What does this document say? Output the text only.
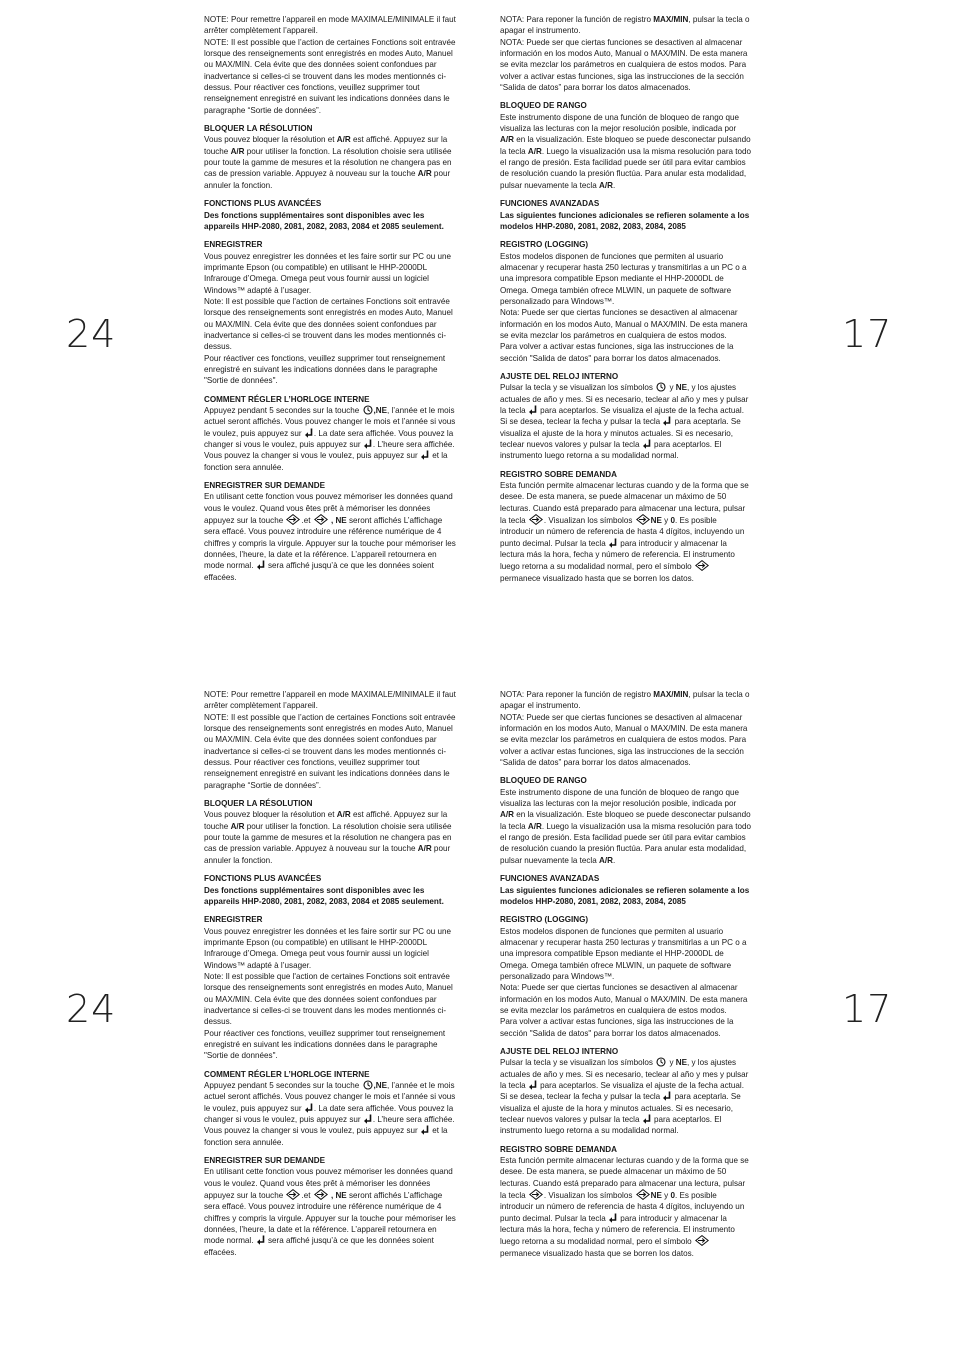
24	17

NOTE: Pour remettre l’appareil en mode MAXIMALE/MINIMALE il faut arrêter complètement l’appareil.

NOTE: Il est possible que l’action de certaines Fonctions soit entravée lorsque des renseignements sont enregistrés en modes Auto, Manuel ou MAX/MIN. Cela évite que des données soient confondues par inadvertance si celles-ci se trouvent dans les modes mentionnés ci-dessus. Pour réactiver ces fonctions, veuillez supprimer tout renseignement enregistré en suivant les indications données dans le paragraphe “Sortie de données”.

BLOQUER LA RÉSOLUTION

Vous pouvez bloquer la résolution et A/R est affiché. Appuyez sur la touche A/R pour utiliser la fonction. La résolution choisie sera utilisée pour toute la gamme de mesures et la résolution ne changera pas en cas de pression variable. Appuyez à nouveau sur la touche A/R pour annuler la fonction.

FONCTIONS PLUS AVANCÉES

Des fonctions supplémentaires sont disponibles avec les appareils HHP-2080, 2081, 2082, 2083, 2084 et 2085 seulement.

ENREGISTRER

Vous pouvez enregistrer les données et les faire sortir sur PC ou une imprimante Epson (ou compatible) en utilisant le HHP-2000DL Infrarouge d’Omega. Omega peut vous fournir aussi un logiciel Windows™ adapté à l’usager.

Note: Il est possible que l'action de certaines Fonctions soit entravée lorsque des renseignements sont enregistrés en modes Auto, Manuel ou MAX/MIN. Cela évite que des données soient confondues par inadvertance si celles-ci se trouvent dans les modes mentionnés ci-dessus.

Pour réactiver ces fonctions, veuillez supprimer tout renseignement enregistré en suivant les indications données dans le paragraphe "Sortie de données".

COMMENT RÉGLER L’HORLOGE INTERNE

Appuyez pendant 5 secondes sur la touche
,NE, l’année et le mois actuel seront affichés. Vous pouvez changer le mois et l’année si vous le voulez, puis appuyez sur
. La date sera affichée. Vous pouvez la changer si vous le voulez, puis appuyez sur
. L’heure sera affichée. Vous pouvez la changer si vous le voulez, puis appuyez sur
et la fonction sera annulée.

ENREGISTRER SUR DEMANDE

En utilisant cette fonction vous pouvez mémoriser les données quand vous le voulez. Quand vous êtes prêt à mémoriser les données appuyez sur la touche
.et
, NE seront affichés L’affichage sera effacé. Vous pouvez introduire une référence numérique de 4 chiffres y compris la virgule. Appuyer sur la touche pour mémoriser les données, l’heure, la date et la référence. L’appareil retournera en mode normal.
sera affiché jusqu’à ce que les données soient effacées.

NOTA: Para reponer la función de registro MAX/MIN, pulsar la tecla o apagar el instrumento.

NOTA: Puede ser que ciertas funciones se desactiven al almacenar información en los modos Auto, Manual o MAX/MIN. De esta manera se evita mezclar los parámetros en cualquiera de estos modos. Para volver a activar estas funciones, siga las instrucciones de la sección “Salida de datos” para borrar los datos almacenados.

BLOQUEO DE RANGO

Este instrumento dispone de una función de bloqueo de rango que visualiza las lecturas con la mejor resolución posible, indicada por A/R en la visualización. Este bloqueo se puede desconectar pulsando la tecla A/R. Luego la visualización usa la misma resolución para todo el rango de presión. Esta facilidad puede ser útil para evitar cambios de resolución cuando la presión fluctúa. Para anular esta modalidad, pulsar nuevamente la tecla A/R.

FUNCIONES AVANZADAS

Las siguientes funciones adicionales se refieren solamente a los modelos HHP-2080, 2081, 2082, 2083, 2084, 2085

REGISTRO (LOGGING)

Estos modelos disponen de funciones que permiten al usuario almacenar y recuperar hasta 250 lecturas y transmitirlas a un PC o a una impresora compatible Epson mediante el HHP-2000DL de Omega. Omega también ofrece MLWIN, un paquete de software personalizado para Windows™.

Nota: Puede ser que ciertas funciones se desactiven al almacenar información en los modos Auto, Manual o MAX/MIN. De esta manera se evita mezclar los parámetros en cualquiera de estos modos.

Para volver a activar estas funciones, siga las instrucciones de la sección "Salida de datos" para borrar los datos almacenados.

AJUSTE DEL RELOJ INTERNO

Pulsar la tecla y se visualizan los símbolos
y NE, y los ajustes actuales de año y mes. Si es necesario, teclear al año y mes y pulsar la tecla
para aceptarlos. Se visualiza el ajuste de la fecha actual. Si se desea, teclear la fecha y pulsar la tecla
para aceptarla. Se visualiza el ajuste de la hora y minutos actuales. Si es necesario, teclear nuevos valores y pulsar la tecla
para aceptarlos. El instrumento luego retorna a su modalidad normal.

REGISTRO SOBRE DEMANDA

Esta función permite almacenar lecturas cuando y de la forma que se desee. De esta manera, se puede almacenar un máximo de 50 lecturas. Cuando está preparado para almacenar una lectura, pulsar la tecla
. Visualizan los símbolos
NE y 0. Es posible introducir un número de referencia de hasta 4 dígitos, incluyendo un punto decimal. Pulsar la tecla
para introducir y almacenar la lectura más la hora, fecha y número de referencia. El instrumento luego retorna a su modalidad normal, pero el símbolo
permanece visualizado hasta que se borren los datos.

24	17

NOTE: Pour remettre l’appareil en mode MAXIMALE/MINIMALE il faut arrêter complètement l’appareil.

NOTE: Il est possible que l’action de certaines Fonctions soit entravée lorsque des renseignements sont enregistrés en modes Auto, Manuel ou MAX/MIN. Cela évite que des données soient confondues par inadvertance si celles-ci se trouvent dans les modes mentionnés ci-dessus. Pour réactiver ces fonctions, veuillez supprimer tout renseignement enregistré en suivant les indications données dans le paragraphe “Sortie de données”.

BLOQUER LA RÉSOLUTION

Vous pouvez bloquer la résolution et A/R est affiché. Appuyez sur la touche A/R pour utiliser la fonction. La résolution choisie sera utilisée pour toute la gamme de mesures et la résolution ne changera pas en cas de pression variable. Appuyez à nouveau sur la touche A/R pour annuler la fonction.

FONCTIONS PLUS AVANCÉES

Des fonctions supplémentaires sont disponibles avec les appareils HHP-2080, 2081, 2082, 2083, 2084 et 2085 seulement.

ENREGISTRER

Vous pouvez enregistrer les données et les faire sortir sur PC ou une imprimante Epson (ou compatible) en utilisant le HHP-2000DL Infrarouge d’Omega. Omega peut vous fournir aussi un logiciel Windows™ adapté à l’usager.

Note: Il est possible que l'action de certaines Fonctions soit entravée lorsque des renseignements sont enregistrés en modes Auto, Manuel ou MAX/MIN. Cela évite que des données soient confondues par inadvertance si celles-ci se trouvent dans les modes mentionnés ci-dessus.

Pour réactiver ces fonctions, veuillez supprimer tout renseignement enregistré en suivant les indications données dans le paragraphe "Sortie de données".

COMMENT RÉGLER L’HORLOGE INTERNE

Appuyez pendant 5 secondes sur la touche
,NE, l’année et le mois actuel seront affichés. Vous pouvez changer le mois et l’année si vous le voulez, puis appuyez sur
. La date sera affichée. Vous pouvez la changer si vous le voulez, puis appuyez sur
. L’heure sera affichée. Vous pouvez la changer si vous le voulez, puis appuyez sur
et la fonction sera annulée.

ENREGISTRER SUR DEMANDE

En utilisant cette fonction vous pouvez mémoriser les données quand vous le voulez. Quand vous êtes prêt à mémoriser les données appuyez sur la touche
.et
, NE seront affichés L’affichage sera effacé. Vous pouvez introduire une référence numérique de 4 chiffres y compris la virgule. Appuyer sur la touche pour mémoriser les données, l’heure, la date et la référence. L’appareil retournera en mode normal.
sera affiché jusqu’à ce que les données soient effacées.

NOTA: Para reponer la función de registro MAX/MIN, pulsar la tecla o apagar el instrumento.

NOTA: Puede ser que ciertas funciones se desactiven al almacenar información en los modos Auto, Manual o MAX/MIN. De esta manera se evita mezclar los parámetros en cualquiera de estos modos. Para volver a activar estas funciones, siga las instrucciones de la sección “Salida de datos” para borrar los datos almacenados.

BLOQUEO DE RANGO

Este instrumento dispone de una función de bloqueo de rango que visualiza las lecturas con la mejor resolución posible, indicada por A/R en la visualización. Este bloqueo se puede desconectar pulsando la tecla A/R. Luego la visualización usa la misma resolución para todo el rango de presión. Esta facilidad puede ser útil para evitar cambios de resolución cuando la presión fluctúa. Para anular esta modalidad, pulsar nuevamente la tecla A/R.

FUNCIONES AVANZADAS

Las siguientes funciones adicionales se refieren solamente a los modelos HHP-2080, 2081, 2082, 2083, 2084, 2085

REGISTRO (LOGGING)

Estos modelos disponen de funciones que permiten al usuario almacenar y recuperar hasta 250 lecturas y transmitirlas a un PC o a una impresora compatible Epson mediante el HHP-2000DL de Omega. Omega también ofrece MLWIN, un paquete de software personalizado para Windows™.

Nota: Puede ser que ciertas funciones se desactiven al almacenar información en los modos Auto, Manual o MAX/MIN. De esta manera se evita mezclar los parámetros en cualquiera de estos modos.

Para volver a activar estas funciones, siga las instrucciones de la sección "Salida de datos" para borrar los datos almacenados.

AJUSTE DEL RELOJ INTERNO

Pulsar la tecla y se visualizan los símbolos
y NE, y los ajustes actuales de año y mes. Si es necesario, teclear al año y mes y pulsar la tecla
para aceptarlos. Se visualiza el ajuste de la fecha actual. Si se desea, teclear la fecha y pulsar la tecla
para aceptarla. Se visualiza el ajuste de la hora y minutos actuales. Si es necesario, teclear nuevos valores y pulsar la tecla
para aceptarlos. El instrumento luego retorna a su modalidad normal.

REGISTRO SOBRE DEMANDA

Esta función permite almacenar lecturas cuando y de la forma que se desee. De esta manera, se puede almacenar un máximo de 50 lecturas. Cuando está preparado para almacenar una lectura, pulsar la tecla
. Visualizan los símbolos
NE y 0. Es posible introducir un número de referencia de hasta 4 dígitos, incluyendo un punto decimal. Pulsar la tecla
para introducir y almacenar la lectura más la hora, fecha y número de referencia. El instrumento luego retorna a su modalidad normal, pero el símbolo
permanece visualizado hasta que se borren los datos.
